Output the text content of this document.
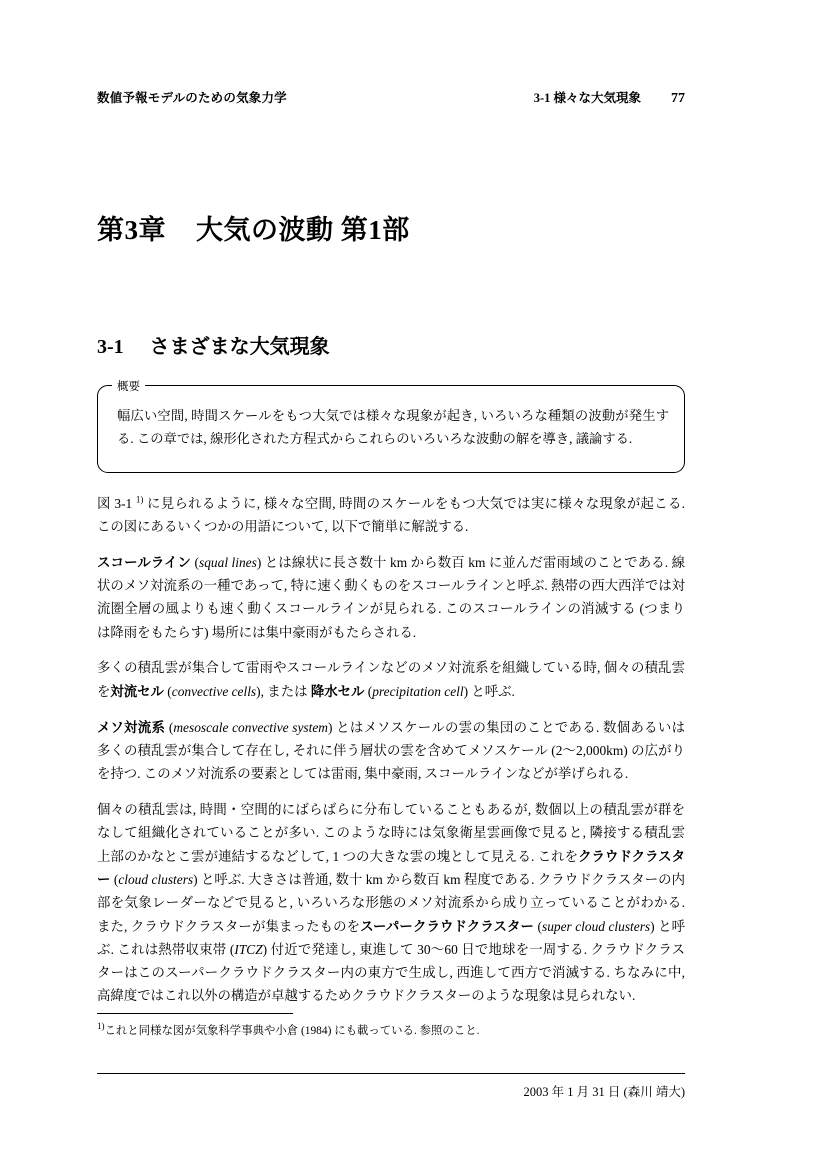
数値予報モデルのための気象力学	3-1 様々な大気現象 77
第3章 大気の波動 第1部
3-1 さまざまな大気現象
概要
幅広い空間, 時間スケールをもつ大気では様々な現象が起き, いろいろな種類の波動が発生する. この章では, 線形化された方程式からこれらのいろいろな波動の解を導き, 議論する.

図 3-1 $^{1)}$ に見られるように, 様々な空間, 時間のスケールをもつ大気では実に様々な現象が起こる. この図にあるいくつかの用語について, 以下で簡単に解説する.

スコールライン (squal lines) とは線状に長さ数十 km から数百 km に並んだ雷雨域のことである. 線状のメソ対流系の一種であって, 特に速く動くものをスコールラインと呼ぶ. 熱帯の西大西洋では対流圏全層の風よりも速く動くスコールラインが見られる. このスコールラインの消滅する (つまりは降雨をもたらす) 場所には集中豪雨がもたらされる.

多くの積乱雲が集合して雷雨やスコールラインなどのメソ対流系を組織している時, 個々の積乱雲を対流セル (convective cells), または 降水セル (precipitation cell) と呼ぶ.

メソ対流系 (mesoscale convective system) とはメソスケールの雲の集団のことである. 数個あるいは多くの積乱雲が集合して存在し, それに伴う層状の雲を含めてメソスケール (2〜2,000km) の広がりを持つ. このメソ対流系の要素としては雷雨, 集中豪雨, スコールラインなどが挙げられる.

個々の積乱雲は, 時間・空間的にばらばらに分布していることもあるが, 数個以上の積乱雲が群をなして組織化されていることが多い. このような時には気象衛星雲画像で見ると, 隣接する積乱雲上部のかなとこ雲が連結するなどして, 1 つの大きな雲の塊として見える. これをクラウドクラスター (cloud clusters) と呼ぶ. 大きさは普通, 数十 km から数百 km 程度である. クラウドクラスターの内部を気象レーダーなどで見ると, いろいろな形態のメソ対流系から成り立っていることがわかる. また, クラウドクラスターが集まったものをスーパークラウドクラスター (super cloud clusters) と呼ぶ. これは熱帯収束帯 (ITCZ) 付近で発達し, 東進して 30〜60 日で地球を一周する. クラウドクラスターはこのスーパークラウドクラスター内の東方で生成し, 西進して西方で消滅する. ちなみに中, 高緯度ではこれ以外の構造が卓越するためクラウドクラスターのような現象は見られない.

$^{1)}$これと同様な図が気象科学事典や小倉 (1984) にも載っている. 参照のこと.
2003 年 1 月 31 日 (森川 靖大)
